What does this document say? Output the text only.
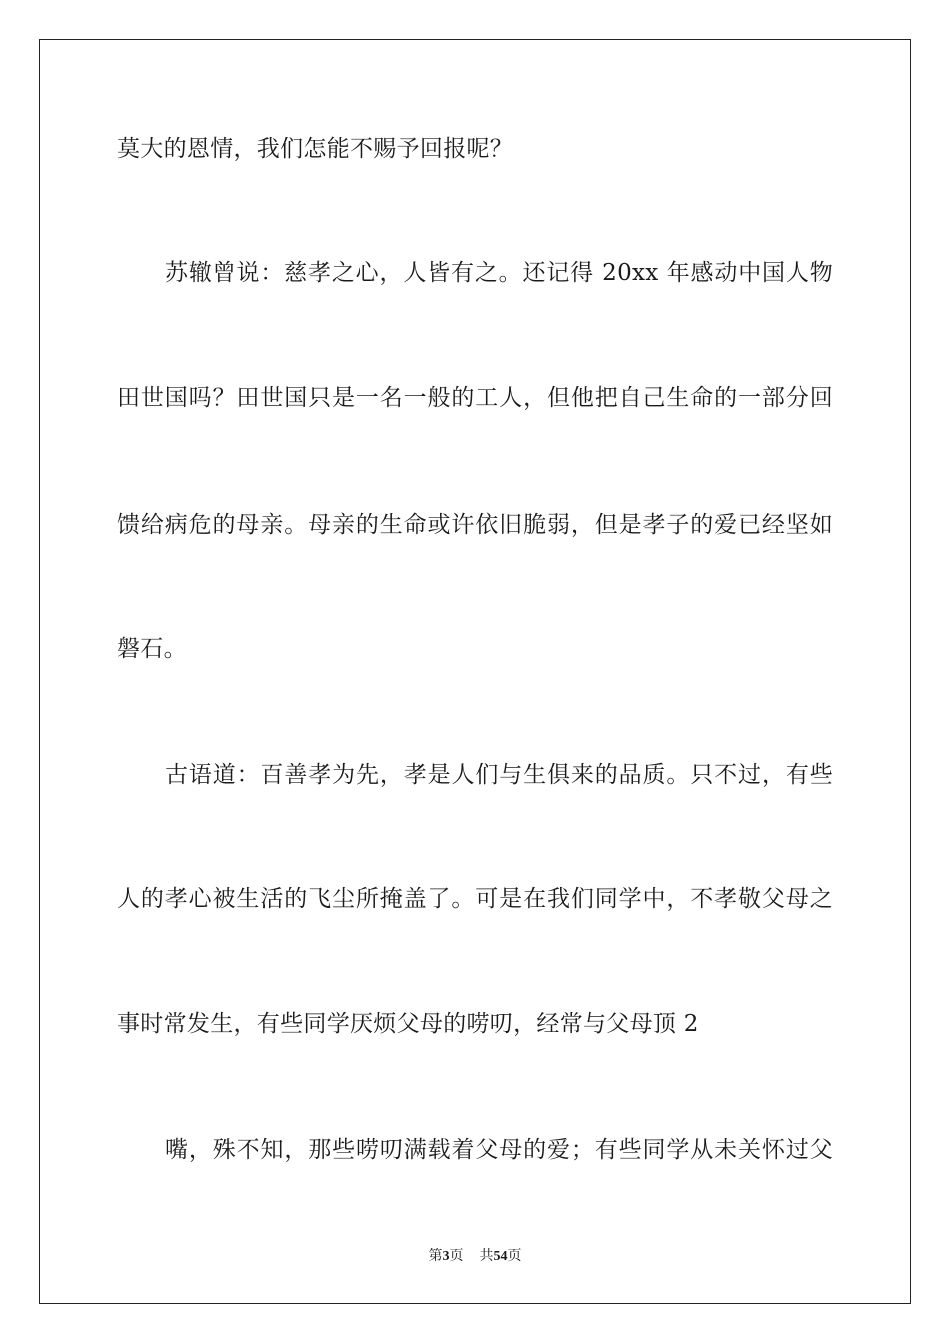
莫大的恩情，我们怎能不赐予回报呢？
苏辙曾说：慈孝之心，人皆有之。还记得 20xx 年感动中国人物
田世国吗？田世国只是一名一般的工人，但他把自己生命的一部分回
馈给病危的母亲。母亲的生命或许依旧脆弱，但是孝子的爱已经坚如
磐石。
古语道：百善孝为先，孝是人们与生俱来的品质。只不过，有些
人的孝心被生活的飞尘所掩盖了。可是在我们同学中，不孝敬父母之
事时常发生，有些同学厌烦父母的唠叨，经常与父母顶 2
嘴，殊不知，那些唠叨满载着父母的爱；有些同学从未关怀过父
第3页 共54页
